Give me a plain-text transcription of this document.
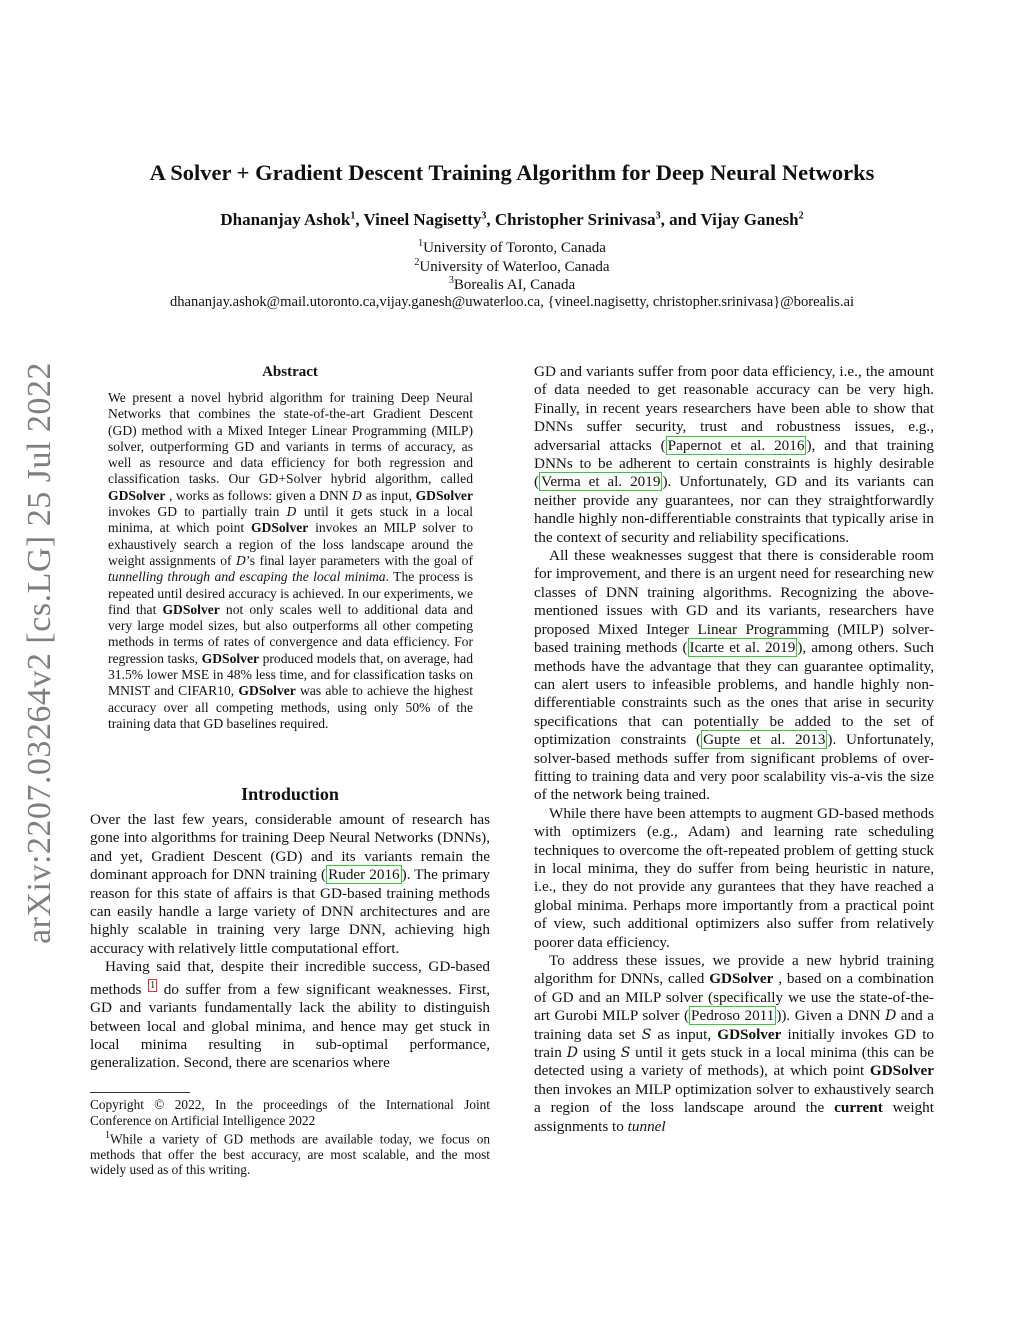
A Solver + Gradient Descent Training Algorithm for Deep Neural Networks
Dhananjay Ashok$^1$, Vineel Nagisetty$^3$, Christopher Srinivasa$^3$, and Vijay Ganesh$^2$
$^1$University of Toronto, Canada
$^2$University of Waterloo, Canada
$^3$Borealis AI, Canada
dhananjay.ashok@mail.utoronto.ca,vijay.ganesh@uwaterloo.ca, {vineel.nagisetty, christopher.srinivasa}@borealis.ai
arXiv:2207.03264v2 [cs.LG] 25 Jul 2022	Abstract
We present a novel hybrid algorithm for training Deep Neural Networks that combines the state-of-the-art Gradient Descent (GD) method with a Mixed Integer Linear Programming (MILP) solver, outperforming GD and variants in terms of accuracy, as well as resource and data efficiency for both regression and classification tasks. Our GD+Solver hybrid algorithm, called GDSolver , works as follows: given a DNN D as input, GDSolver invokes GD to partially train D until it gets stuck in a local minima, at which point GDSolver invokes an MILP solver to exhaustively search a region of the loss landscape around the weight assignments of D’s final layer parameters with the goal of tunnelling through and escaping the local minima. The process is repeated until desired accuracy is achieved. In our experiments, we find that GDSolver not only scales well to additional data and very large model sizes, but also outperforms all other competing methods in terms of rates of convergence and data efficiency. For regression tasks, GDSolver produced models that, on average, had 31.5% lower MSE in 48% less time, and for classification tasks on MNIST and CIFAR10, GDSolver was able to achieve the highest accuracy over all competing methods, using only 50% of the training data that GD baselines required.
Introduction

Over the last few years, considerable amount of research has gone into algorithms for training Deep Neural Networks (DNNs), and yet, Gradient Descent (GD) and its variants remain the dominant approach for DNN training ( Ruder 2016 ). The primary reason for this state of affairs is that GD-based training methods can easily handle a large variety of DNN architectures and are highly scalable in training very large DNN, achieving high accuracy with relatively little computational effort.

Having said that, despite their incredible success, GD-based methods $^1$ do suffer from a few significant weaknesses. First, GD and variants fundamentally lack the ability to distinguish between local and global minima, and hence may get stuck in local minima resulting in sub-optimal performance, generalization. Second, there are scenarios where

Copyright © 2022, In the proceedings of the International Joint Conference on Artificial Intelligence 2022

$^1$While a variety of GD methods are available today, we focus on methods that offer the best accuracy, are most scalable, and the most widely used as of this writing.

GD and variants suffer from poor data efficiency, i.e., the amount of data needed to get reasonable accuracy can be very high. Finally, in recent years researchers have been able to show that DNNs suffer security, trust and robustness issues, e.g., adversarial attacks ( Papernot et al. 2016 ), and that training DNNs to be adherent to certain constraints is highly desirable ( Verma et al. 2019 ). Unfortunately, GD and its variants can neither provide any guarantees, nor can they straightforwardly handle highly non-differentiable constraints that typically arise in the context of security and reliability specifications.

All these weaknesses suggest that there is considerable room for improvement, and there is an urgent need for researching new classes of DNN training algorithms. Recognizing the above-mentioned issues with GD and its variants, researchers have proposed Mixed Integer Linear Programming (MILP) solver-based training methods ( Icarte et al. 2019 ), among others. Such methods have the advantage that they can guarantee optimality, can alert users to infeasible problems, and handle highly non-differentiable constraints such as the ones that arise in security specifications that can potentially be added to the set of optimization constraints ( Gupte et al. 2013 ). Unfortunately, solver-based methods suffer from significant problems of over-fitting to training data and very poor scalability vis-a-vis the size of the network being trained.

While there have been attempts to augment GD-based methods with optimizers (e.g., Adam) and learning rate scheduling techniques to overcome the oft-repeated problem of getting stuck in local minima, they do suffer from being heuristic in nature, i.e., they do not provide any gurantees that they have reached a global minima. Perhaps more importantly from a practical point of view, such additional optimizers also suffer from relatively poorer data efficiency.

To address these issues, we provide a new hybrid training algorithm for DNNs, called GDSolver , based on a combination of GD and an MILP solver (specifically we use the state-of-the-art Gurobi MILP solver ( Pedroso 2011 )). Given a DNN D and a training data set S as input, GDSolver initially invokes GD to train D using S until it gets stuck in a local minima (this can be detected using a variety of methods), at which point GDSolver then invokes an MILP optimization solver to exhaustively search a region of the loss landscape around the current weight assignments to tunnel
